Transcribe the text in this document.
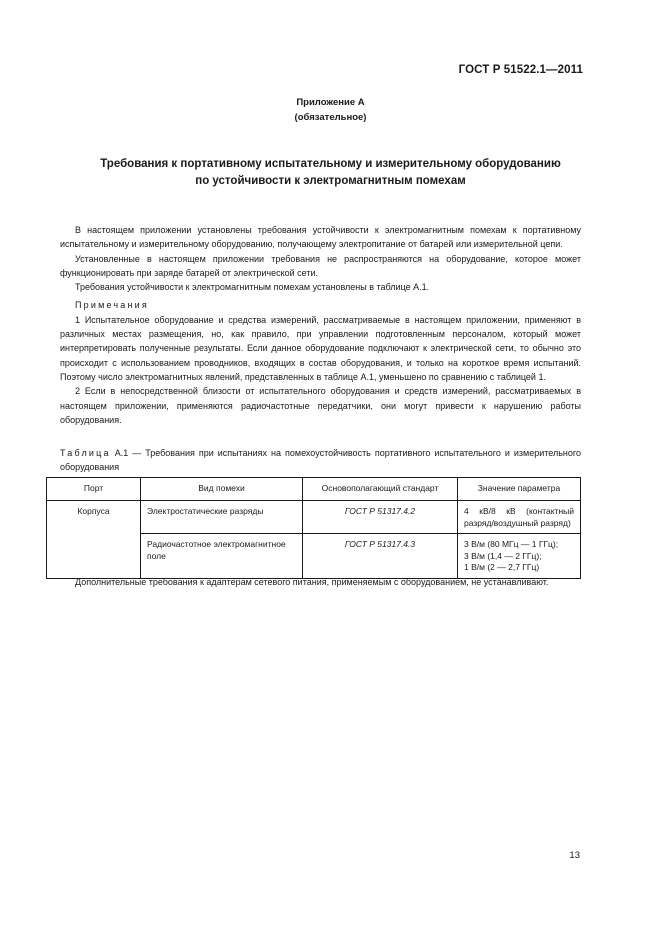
ГОСТ Р 51522.1—2011
Приложение А
(обязательное)
Требования к портативному испытательному и измерительному оборудованию
по устойчивости к электромагнитным помехам

В настоящем приложении установлены требования устойчивости к электромагнитным помехам к портативному испытательному и измерительному оборудованию, получающему электропитание от батарей или измерительной цепи.

Установленные в настоящем приложении требования не распространяются на оборудование, которое может функционировать при заряде батарей от электрической сети.

Требования устойчивости к электромагнитным помехам установлены в таблице А.1.

Примечания

1 Испытательное оборудование и средства измерений, рассматриваемые в настоящем приложении, применяют в различных местах размещения, но, как правило, при управлении подготовленным персоналом, который может интерпретировать полученные результаты. Если данное оборудование подключают к электрической сети, то обычно это происходит с использованием проводников, входящих в состав оборудования, и только на короткое время испытаний. Поэтому число электромагнитных явлений, представленных в таблице А.1, уменьшено по сравнению с таблицей 1.

2 Если в непосредственной близости от испытательного оборудования и средств измерений, рассматриваемых в настоящем приложении, применяются радиочастотные передатчики, они могут привести к нарушению работы оборудования.

Таблица А.1 — Требования при испытаниях на помехоустойчивость портативного испытательного и измерительного оборудования
Порт	Вид помехи	Основополагающий стандарт	Значение параметра
Корпуса	Электростатические разряды	ГОСТ Р 51317.4.2	4 кВ/8 кВ (контактный разряд/воздушный разряд)

	Радиочастотное электромагнитное поле	ГОСТ Р 51317.4.3	3 В/м (80 МГц — 1 ГГц);
3 В/м (1,4 — 2 ГГц);
1 В/м (2 — 2,7 ГГц)

Дополнительные требования к адаптерам сетевого питания, применяемым с оборудованием, не устанавливают.

13
